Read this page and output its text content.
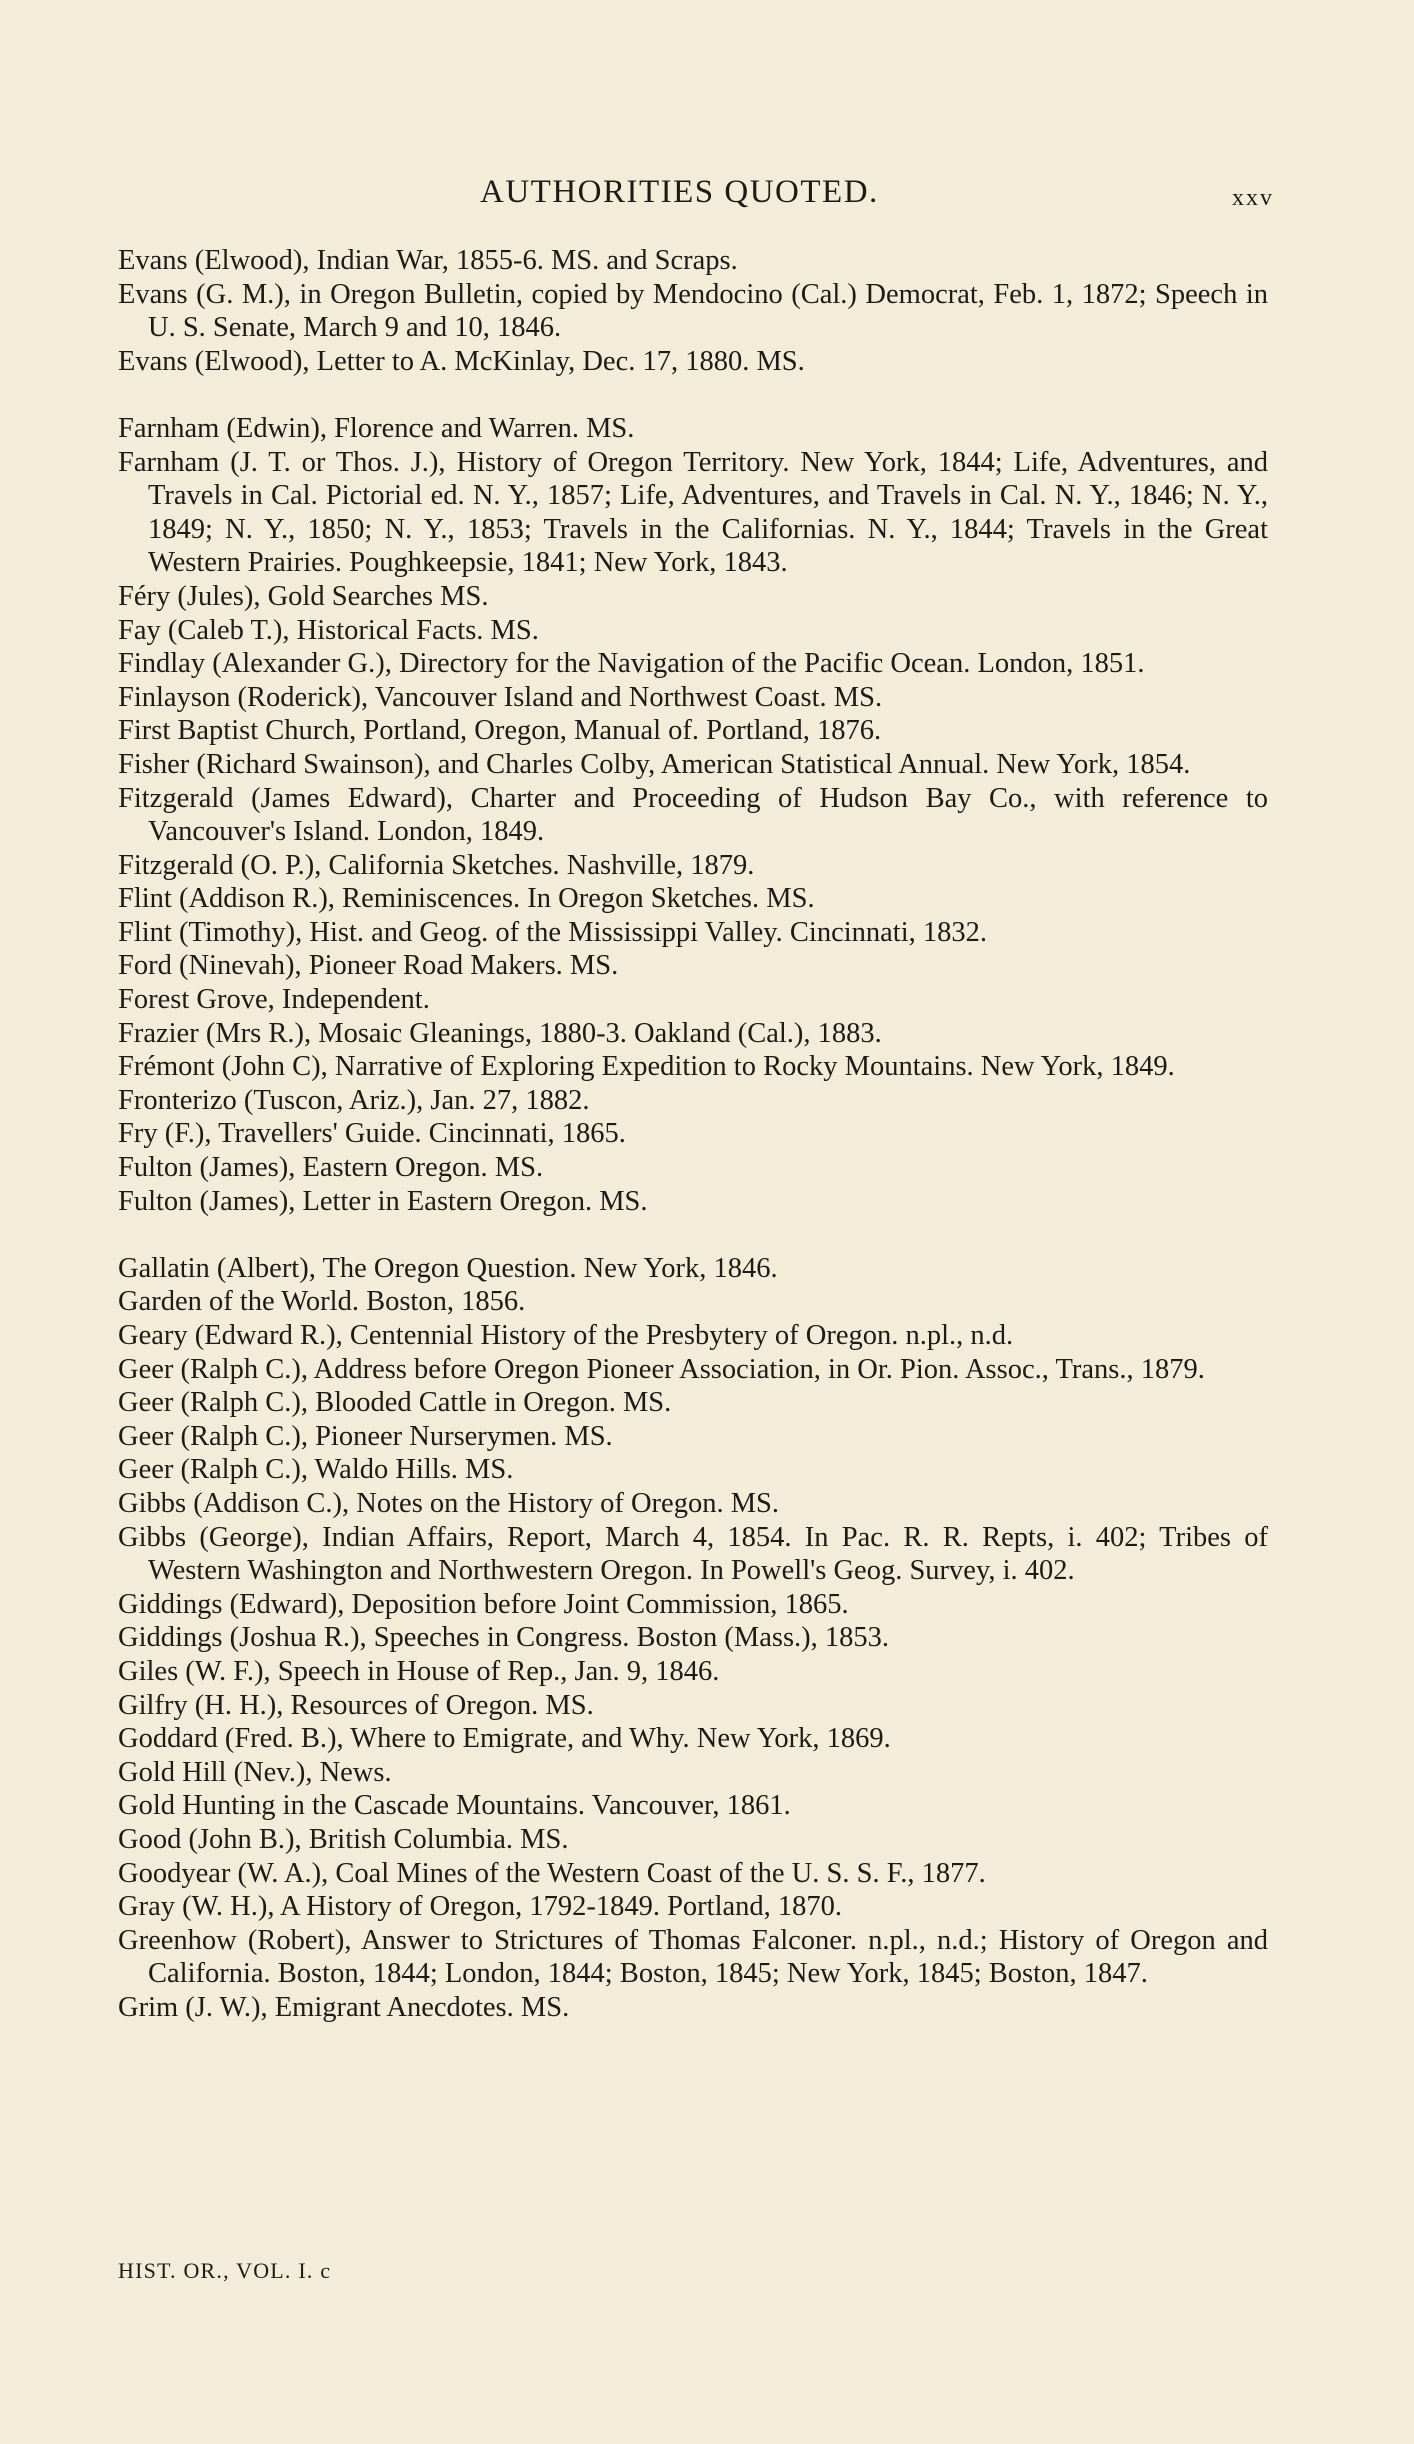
AUTHORITIES QUOTED.	xxv
Evans (Elwood), Indian War, 1855-6. MS. and Scraps.
Evans (G. M.), in Oregon Bulletin, copied by Mendocino (Cal.) Democrat, Feb. 1, 1872; Speech in U. S. Senate, March 9 and 10, 1846.
Evans (Elwood), Letter to A. McKinlay, Dec. 17, 1880. MS.
Farnham (Edwin), Florence and Warren. MS.
Farnham (J. T. or Thos. J.), History of Oregon Territory. New York, 1844; Life, Adventures, and Travels in Cal. Pictorial ed. N. Y., 1857; Life, Adventures, and Travels in Cal. N. Y., 1846; N. Y., 1849; N. Y., 1850; N. Y., 1853; Travels in the Californias. N. Y., 1844; Travels in the Great Western Prairies. Poughkeepsie, 1841; New York, 1843.
Féry (Jules), Gold Searches MS.
Fay (Caleb T.), Historical Facts. MS.
Findlay (Alexander G.), Directory for the Navigation of the Pacific Ocean. London, 1851.
Finlayson (Roderick), Vancouver Island and Northwest Coast. MS.
First Baptist Church, Portland, Oregon, Manual of. Portland, 1876.
Fisher (Richard Swainson), and Charles Colby, American Statistical Annual. New York, 1854.
Fitzgerald (James Edward), Charter and Proceeding of Hudson Bay Co., with reference to Vancouver's Island. London, 1849.
Fitzgerald (O. P.), California Sketches. Nashville, 1879.
Flint (Addison R.), Reminiscences. In Oregon Sketches. MS.
Flint (Timothy), Hist. and Geog. of the Mississippi Valley. Cincinnati, 1832.
Ford (Ninevah), Pioneer Road Makers. MS.
Forest Grove, Independent.
Frazier (Mrs R.), Mosaic Gleanings, 1880-3. Oakland (Cal.), 1883.
Frémont (John C), Narrative of Exploring Expedition to Rocky Mountains. New York, 1849.
Fronterizo (Tuscon, Ariz.), Jan. 27, 1882.
Fry (F.), Travellers' Guide. Cincinnati, 1865.
Fulton (James), Eastern Oregon. MS.
Fulton (James), Letter in Eastern Oregon. MS.
Gallatin (Albert), The Oregon Question. New York, 1846.
Garden of the World. Boston, 1856.
Geary (Edward R.), Centennial History of the Presbytery of Oregon. n.pl., n.d.
Geer (Ralph C.), Address before Oregon Pioneer Association, in Or. Pion. Assoc., Trans., 1879.
Geer (Ralph C.), Blooded Cattle in Oregon. MS.
Geer (Ralph C.), Pioneer Nurserymen. MS.
Geer (Ralph C.), Waldo Hills. MS.
Gibbs (Addison C.), Notes on the History of Oregon. MS.
Gibbs (George), Indian Affairs, Report, March 4, 1854. In Pac. R. R. Repts, i. 402; Tribes of Western Washington and Northwestern Oregon. In Powell's Geog. Survey, i. 402.
Giddings (Edward), Deposition before Joint Commission, 1865.
Giddings (Joshua R.), Speeches in Congress. Boston (Mass.), 1853.
Giles (W. F.), Speech in House of Rep., Jan. 9, 1846.
Gilfry (H. H.), Resources of Oregon. MS.
Goddard (Fred. B.), Where to Emigrate, and Why. New York, 1869.
Gold Hill (Nev.), News.
Gold Hunting in the Cascade Mountains. Vancouver, 1861.
Good (John B.), British Columbia. MS.
Goodyear (W. A.), Coal Mines of the Western Coast of the U. S. S. F., 1877.
Gray (W. H.), A History of Oregon, 1792-1849. Portland, 1870.
Greenhow (Robert), Answer to Strictures of Thomas Falconer. n.pl., n.d.; History of Oregon and California. Boston, 1844; London, 1844; Boston, 1845; New York, 1845; Boston, 1847.
Grim (J. W.), Emigrant Anecdotes. MS.
HIST. OR., VOL. I. c
